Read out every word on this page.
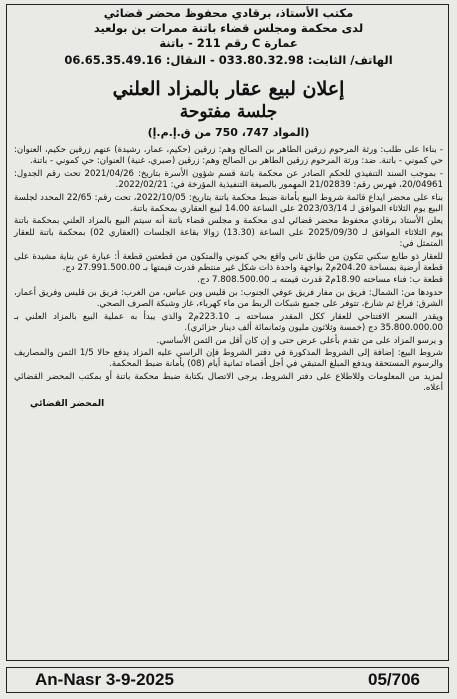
مكتب الأستاذ، برقادي محفوظ محضر قضائي
لدى محكمة ومجلس قضاء باتنة ممرات بن بولعيد
عمارة C رقم 211 - باتنة
الهاتف/ الثابت: 033.80.32.98 - النقال: 06.65.35.49.16
إعلان لبيع عقار بالمزاد العلني
جلسة مفتوحة
(المواد 747، 750 من ق.إ.م.إ)

- بناءا على طلب: ورثة المرحوم زرقين الطاهر بن الصالح وهم: زرقين (حكيم، عمار، رشيدة) عنهم زرقين حكيم، العنوان: حي كموني - باتنة. ضد: ورثة المرحوم زرقين الطاهر بن الصالح وهم: زرقين (صبري، غنية) العنوان: حي كموني - باتنة.

- بموجب السند التنفيذي للحكم الصادر عن محكمة باتنة قسم شؤون الأسرة بتاريخ: 2021/04/26 تحت رقم الجدول: 20/04961، فهرس رقم: 21/02839 المهمور بالصيغة التنفيذية المؤرخة في: 2022/02/21.

بناء على محضر ايداع قائمة شروط البيع بأمانة ضبط محكمة باتنة بتاريخ: 2022/10/05، تحت رقم: 22/65 المحدد لجلسة البيع يوم الثلاثاء الموافق لـ 2023/03/14 على الساعة 14.00 لبيع العقاري بمحكمة باتنة.

يعلن الأستاذ برقادي محفوظ محضر قضائي لدى محكمة و مجلس قضاء باتنة أنه سيتم البيع بالمزاد العلني بمحكمة باتنة يوم الثلاثاء الموافق لـ 2025/09/30 على الساعة (13.30) زوالا بقاعة الجلسات (العقاري 02) بمحكمة باتنة للعقار المتمثل في:

للعقار ذو طابع سكني تتكون من طابق ثاني واقع بحي كموني والمتكون من قطعتين قطعة أ: عبارة عن بناية مشيدة على قطعة أرضية بمساحة 204.20م2 بواجهة واحدة ذات شكل غير منتظم قدرت قيمتها بـ 27.991.500.00 دج.

قطعة ب: فناء مساحته 18.90م2 قدرت قيمته بـ 7.808.500.00 دج.

حدودها من: الشمال: فريق بن مفار فريق عوفي الجنوب: بن قليس وبن عباس، من الغرب: فريق بن قليس وفريق أعمار، الشرق: فراغ ثم شارع، تتوفر على جميع شبكات الربط من ماء كهرباء، غاز وشبكة الصرف الصحي.

ويقدر السعر الافتتاحي للعقار ككل المقدر مساحته بـ 223.10م2 والذي يبدأ به عملية البيع بالمزاد العلني بـ 35.800.000.00 دج (خمسة وثلاثون مليون وثمانمائة ألف دينار جزائري).

و يرسو المزاد على من تقدم بأعلى عرض حتى و إن كان أقل من الثمن الأساسي.

شروط البيع: إضافة إلى الشروط المذكورة في دفتر الشروط فإن الراسي عليه المزاد يدفع حالا 1/5 الثمن والمصاريف والرسوم المستحقة ويدفع المبلغ المتبقي في أجل أقصاه ثمانية أيام (08) بأمانة ضبط المحكمة.

لمزيد من المعلومات وللاطلاع على دفتر الشروط، يرجى الاتصال بكتابة ضبط محكمة باتنة أو بمكتب المحضر القضائي أعلاه.

المحضر القضائي
An-Nasr 3-9-2025	05/706
